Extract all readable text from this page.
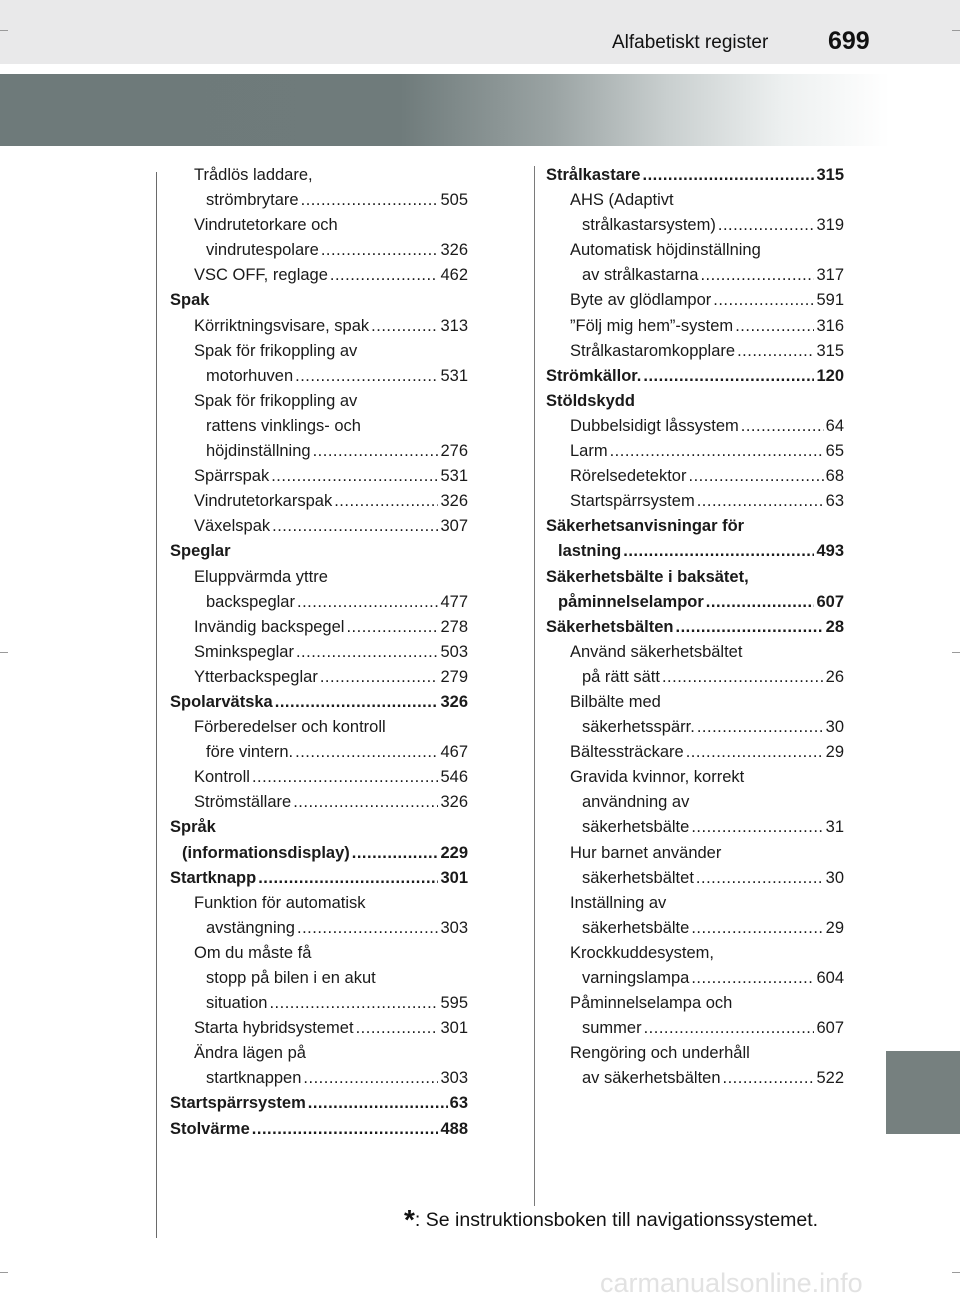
Alfabetiskt register 699
Trådlös laddare,
strömbrytare .....	505
Vindrutetorkare och
vindrutespolare .....	326
VSC OFF, reglage .....	462
Spak
Körriktningsvisare, spak .....	313
Spak för frikoppling av
motorhuven .....	531
Spak för frikoppling av
rattens vinklings- och
höjdinställning .....	276
Spärrspak .....	531
Vindrutetorkarspak .....	326
Växelspak .....	307
Speglar
Eluppvärmda yttre
backspeglar .....	477
Invändig backspegel .....	278
Sminkspeglar .....	503
Ytterbackspeglar .....	279
Spolarvätska .....	326
Förberedelser och kontroll
före vintern. .....	467
Kontroll .....	546
Strömställare .....	326
Språk
(informationsdisplay) .....	229
Startknapp .....	301
Funktion för automatisk
avstängning .....	303
Om du måste få
stopp på bilen i en akut
situation .....	595
Starta hybridsystemet .....	301
Ändra lägen på
startknappen .....	303
Startspärrsystem .....	63
Stolvärme .....	488
Strålkastare .....	315
AHS (Adaptivt
strålkastarsystem) .....	319
Automatisk höjdinställning
av strålkastarna .....	317
Byte av glödlampor .....	591
”Följ mig hem”-system .....	316
Strålkastaromkopplare .....	315
Strömkällor. .....	120
Stöldskydd
Dubbelsidigt låssystem .....	64
Larm .....	65
Rörelsedetektor .....	68
Startspärrsystem .....	63
Säkerhetsanvisningar för
lastning .....	493
Säkerhetsbälte i baksätet,
påminnelselampor .....	607
Säkerhetsbälten .....	28
Använd säkerhetsbältet
på rätt sätt .....	26
Bilbälte med
säkerhetsspärr. .....	30
Bältessträckare .....	29
Gravida kvinnor, korrekt
användning av
säkerhetsbälte .....	31
Hur barnet använder
säkerhetsbältet .....	30
Inställning av
säkerhetsbälte .....	29
Krockkuddesystem,
varningslampa .....	604
Påminnelselampa och
summer .....	607
Rengöring och underhåll
av säkerhetsbälten .....	522
*: Se instruktionsboken till navigationssystemet.
carmanualsonline.info
